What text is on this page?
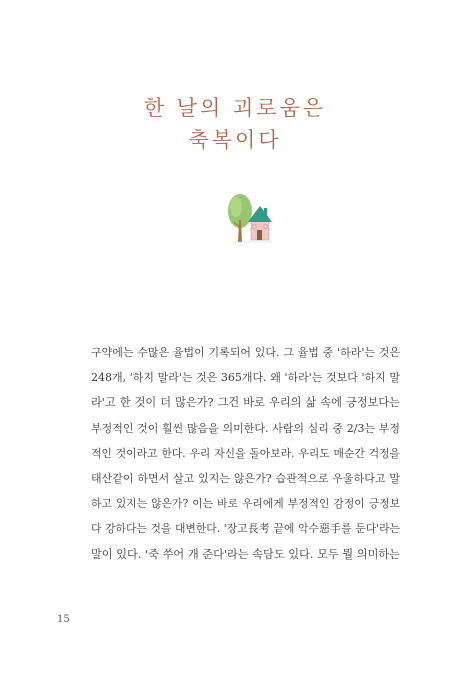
한 날의 괴로움은
축복이다
구약에는 수많은 율법이 기록되어 있다. 그 율법 중 '하라'는 것은
248개, '하지 말라'는 것은 365개다. 왜 '하라'는 것보다 '하지 말
라'고 한 것이 더 많은가? 그건 바로 우리의 삶 속에 긍정보다는
부정적인 것이 훨씬 많음을 의미한다. 사람의 심리 중 2/3는 부정
적인 것이라고 한다. 우리 자신을 돌아보라. 우리도 매순간 걱정을
태산같이 하면서 살고 있지는 않은가? 습관적으로 우울하다고 말
하고 있지는 않은가? 이는 바로 우리에게 부정적인 감정이 긍정보
다 강하다는 것을 대변한다. '장고長考 끝에 악수惡手를 둔다'라는
말이 있다. '죽 쑤어 개 준다'라는 속담도 있다. 모두 뭘 의미하는
15
